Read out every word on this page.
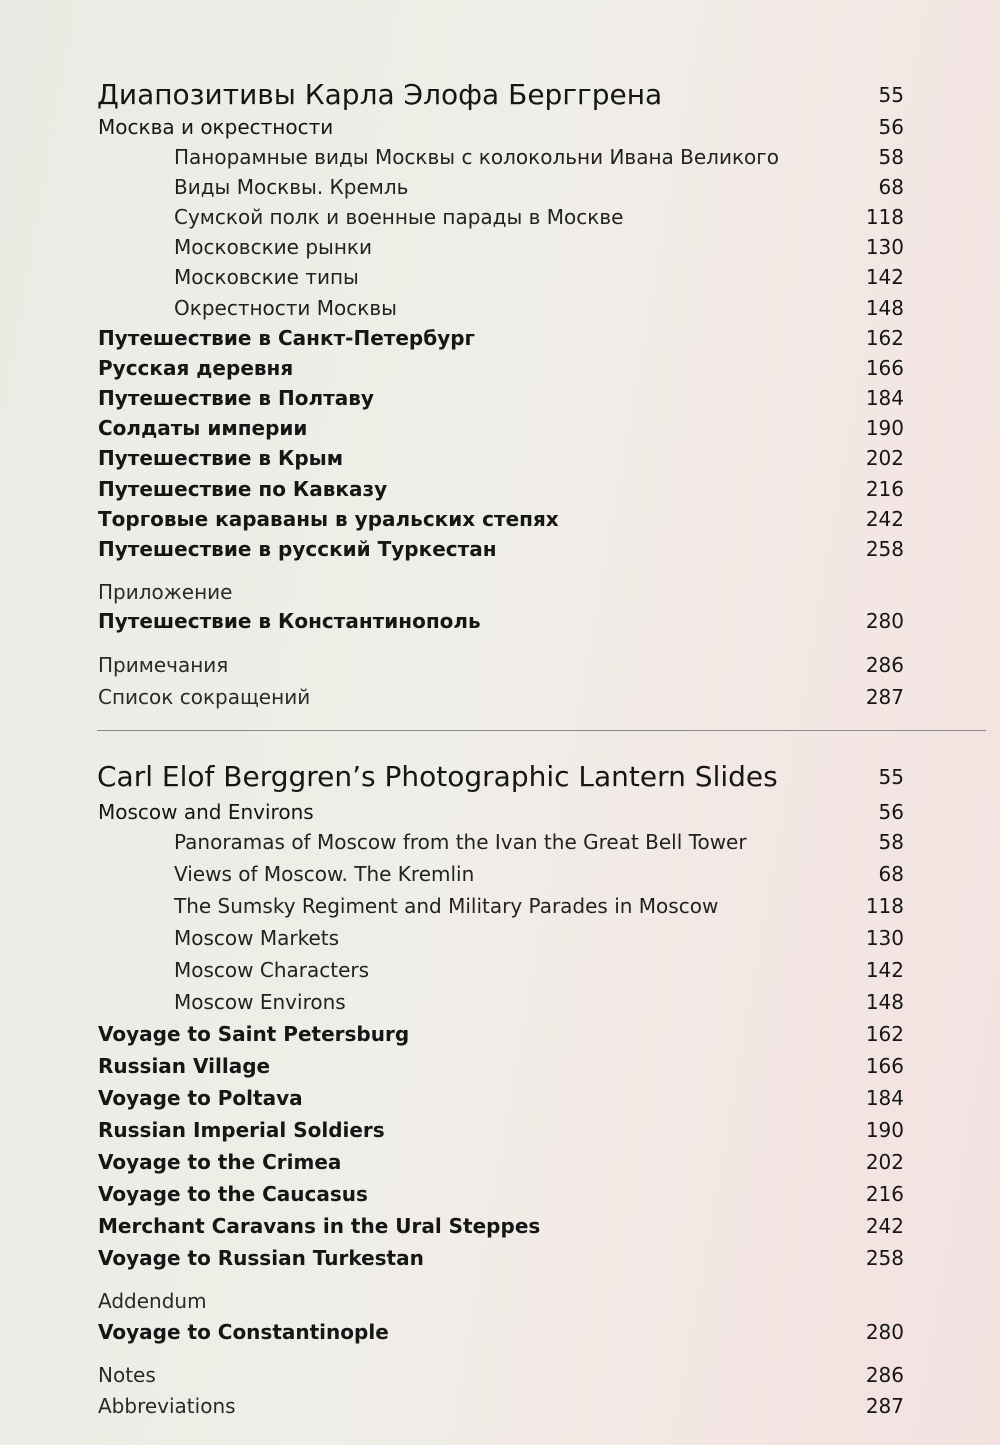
Диапозитивы Карла Элофа Берггрена	55
Москва и окрестности	56
Панорамные виды Москвы с колокольни Ивана Великого	58
Виды Москвы. Кремль	68
Сумской полк и военные парады в Москве	118
Московские рынки	130
Московские типы	142
Окрестности Москвы	148
Путешествие в Санкт-Петербург	162
Русская деревня	166
Путешествие в Полтаву	184
Солдаты империи	190
Путешествие в Крым	202
Путешествие по Кавказу	216
Торговые караваны в уральских степях	242
Путешествие в русский Туркестан	258
Приложение
Путешествие в Константинополь	280
Примечания	286
Список сокращений	287
Carl Elof Berggren’s Photographic Lantern Slides	55
Moscow and Environs	56
Panoramas of Moscow from the Ivan the Great Bell Tower	58
Views of Moscow. The Kremlin	68
The Sumsky Regiment and Military Parades in Moscow	118
Moscow Markets	130
Moscow Characters	142
Moscow Environs	148
Voyage to Saint Petersburg	162
Russian Village	166
Voyage to Poltava	184
Russian Imperial Soldiers	190
Voyage to the Crimea	202
Voyage to the Caucasus	216
Merchant Caravans in the Ural Steppes	242
Voyage to Russian Turkestan	258
Addendum
Voyage to Constantinople	280
Notes	286
Abbreviations	287
